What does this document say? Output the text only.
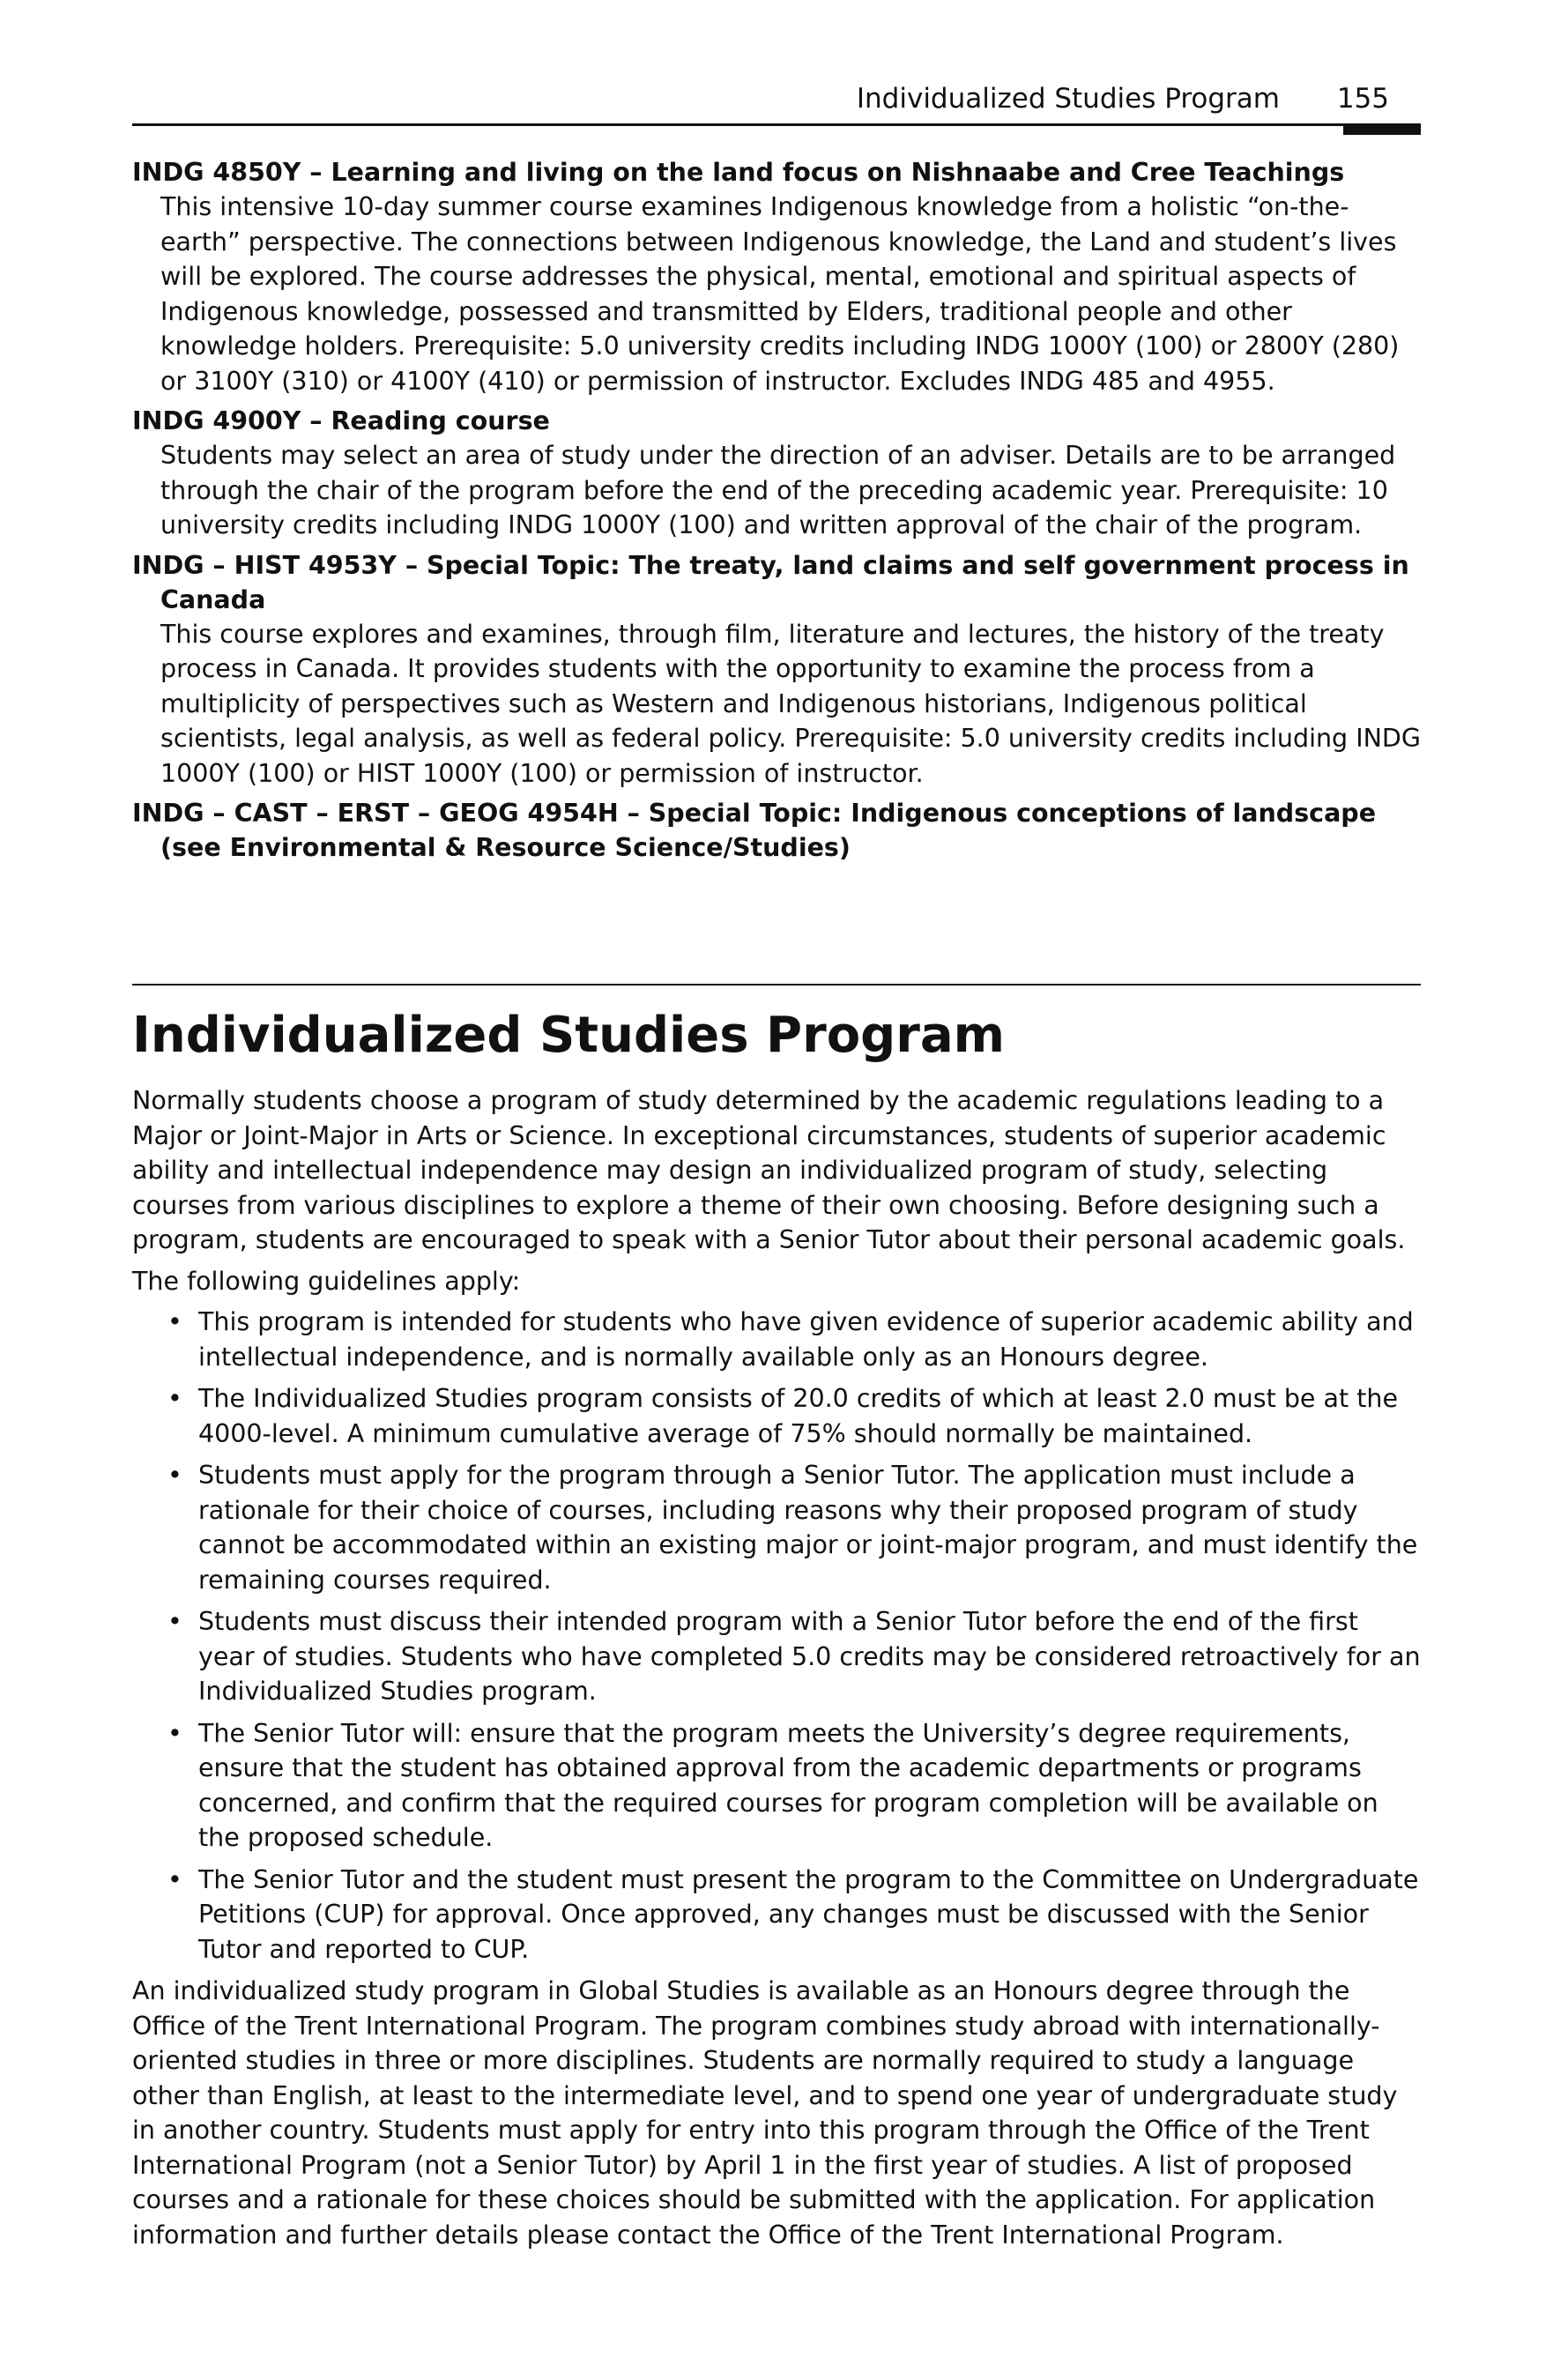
Individualized Studies Program 155
INDG 4850Y – Learning and living on the land focus on Nishnaabe and Cree Teachings
This intensive 10-day summer course examines Indigenous knowledge from a holistic “on-the-earth” perspective. The connections between Indigenous knowledge, the Land and student’s lives will be explored. The course addresses the physical, mental, emotional and spiritual aspects of Indigenous knowledge, possessed and transmitted by Elders, traditional people and other knowledge holders. Prerequisite: 5.0 university credits including INDG 1000Y (100) or 2800Y (280) or 3100Y (310) or 4100Y (410) or permission of instructor. Excludes INDG 485 and 4955.
INDG 4900Y – Reading course
Students may select an area of study under the direction of an adviser. Details are to be arranged through the chair of the program before the end of the preceding academic year. Prerequisite: 10 university credits including INDG 1000Y (100) and written approval of the chair of the program.
INDG – HIST 4953Y – Special Topic: The treaty, land claims and self government process in Canada
This course explores and examines, through film, literature and lectures, the history of the treaty process in Canada. It provides students with the opportunity to examine the process from a multiplicity of perspectives such as Western and Indigenous historians, Indigenous political scientists, legal analysis, as well as federal policy. Prerequisite: 5.0 university credits including INDG 1000Y (100) or HIST 1000Y (100) or permission of instructor.
INDG – CAST – ERST – GEOG 4954H – Special Topic: Indigenous conceptions of landscape (see Environmental & Resource Science/Studies)
Individualized Studies Program

Normally students choose a program of study determined by the academic regulations leading to a Major or Joint-Major in Arts or Science. In exceptional circumstances, students of superior academic ability and intellectual independence may design an individualized program of study, selecting courses from various disciplines to explore a theme of their own choosing. Before designing such a program, students are encouraged to speak with a Senior Tutor about their personal academic goals.

The following guidelines apply:

• This program is intended for students who have given evidence of superior academic ability and intellectual independence, and is normally available only as an Honours degree.
• The Individualized Studies program consists of 20.0 credits of which at least 2.0 must be at the 4000-level. A minimum cumulative average of 75% should normally be maintained.
• Students must apply for the program through a Senior Tutor. The application must include a rationale for their choice of courses, including reasons why their proposed program of study cannot be accommodated within an existing major or joint-major program, and must identify the remaining courses required.
• Students must discuss their intended program with a Senior Tutor before the end of the first year of studies. Students who have completed 5.0 credits may be considered retroactively for an Individualized Studies program.
• The Senior Tutor will: ensure that the program meets the University’s degree requirements, ensure that the student has obtained approval from the academic departments or programs concerned, and confirm that the required courses for program completion will be available on the proposed schedule.
• The Senior Tutor and the student must present the program to the Committee on Undergraduate Petitions (CUP) for approval. Once approved, any changes must be discussed with the Senior Tutor and reported to CUP.

An individualized study program in Global Studies is available as an Honours degree through the Office of the Trent International Program. The program combines study abroad with internationally-oriented studies in three or more disciplines. Students are normally required to study a language other than English, at least to the intermediate level, and to spend one year of undergraduate study in another country. Students must apply for entry into this program through the Office of the Trent International Program (not a Senior Tutor) by April 1 in the first year of studies. A list of proposed courses and a rationale for these choices should be submitted with the application. For application information and further details please contact the Office of the Trent International Program.
